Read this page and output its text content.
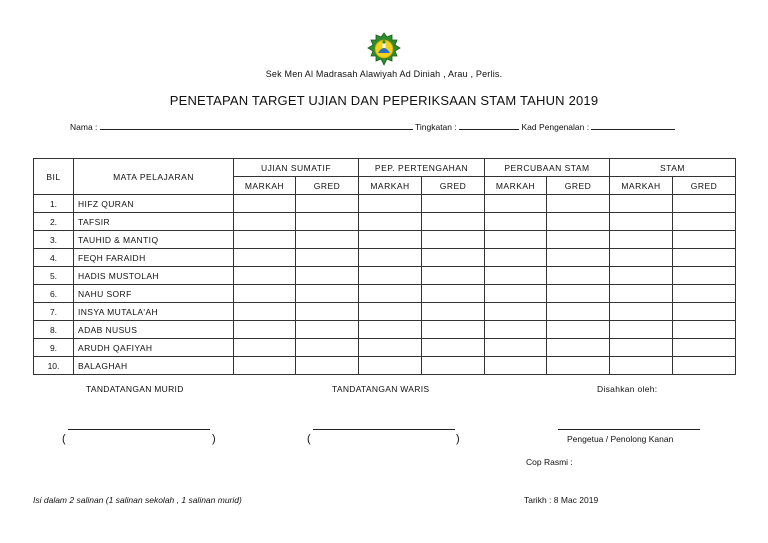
Sek Men Al Madrasah Alawiyah Ad Diniah , Arau , Perlis.
PENETAPAN TARGET UJIAN DAN PEPERIKSAAN STAM TAHUN 2019
Nama :	Tingkatan :	Kad Pengenalan :
BIL	MATA PELAJARAN	UJIAN SUMATIF		PEP. PERTENGAHAN		PERCUBAAN STAM		STAM	
		MARKAH	GRED	MARKAH	GRED	MARKAH	GRED	MARKAH	GRED
1.	HIFZ QURAN								
2.	TAFSIR								
3.	TAUHID & MANTIQ								
4.	FEQH FARAIDH								
5.	HADIS MUSTOLAH								
6.	NAHU SORF								
7.	INSYA MUTALA'AH								
8.	ADAB NUSUS								
9.	ARUDH QAFIYAH								
10.	BALAGHAH								
TANDATANGAN MURID	TANDATANGAN WARIS	Disahkan oleh:
(	)	(	)	Pengetua / Penolong Kanan
Cop Rasmi :
Isi dalam 2 salinan (1 salinan sekolah , 1 salinan murid)	Tarikh : 8 Mac 2019
